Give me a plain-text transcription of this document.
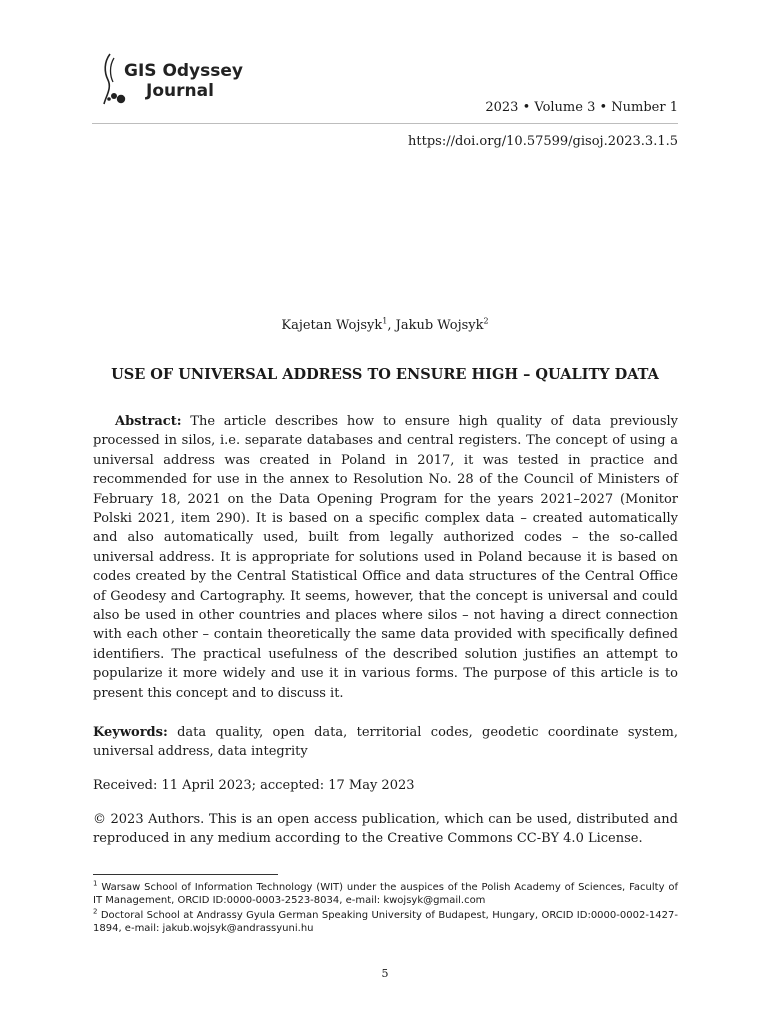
GIS Odyssey
Journal
2023 • Volume 3 • Number 1
https://doi.org/10.57599/gisoj.2023.3.1.5
Kajetan Wojsyk$^1$, Jakub Wojsyk$^2$
USE OF UNIVERSAL ADDRESS TO ENSURE HIGH – QUALITY DATA
Abstract: The article describes how to ensure high quality of data previously processed in silos, i.e. separate databases and central registers. The concept of using a universal address was created in Poland in 2017, it was tested in practice and recommended for use in the annex to Resolution No. 28 of the Council of Ministers of February 18, 2021 on the Data Opening Program for the years 2021–2027 (Monitor Polski 2021, item 290). It is based on a specific complex data – created automatically and also automatically used, built from legally authorized codes – the so-called universal address. It is appropriate for solutions used in Poland because it is based on codes created by the Central Statistical Office and data structures of the Central Office of Geodesy and Cartography. It seems, however, that the concept is universal and could also be used in other countries and places where silos – not having a direct connection with each other – contain theoretically the same data provided with specifically defined identifiers. The practical usefulness of the described solution justifies an attempt to popularize it more widely and use it in various forms. The purpose of this article is to present this concept and to discuss it.
Keywords: data quality, open data, territorial codes, geodetic coordinate system, universal address, data integrity
Received: 11 April 2023; accepted: 17 May 2023
© 2023 Authors. This is an open access publication, which can be used, distributed and reproduced in any medium according to the Creative Commons CC-BY 4.0 License.
$^1$ Warsaw School of Information Technology (WIT) under the auspices of the Polish Academy of Sciences, Faculty of IT Management, ORCID ID:0000-0003-2523-8034, e-mail: kwojsyk@gmail.com
$^2$ Doctoral School at Andrassy Gyula German Speaking University of Budapest, Hungary, ORCID ID:0000-0002-1427-1894, e-mail: jakub.wojsyk@andrassyuni.hu
5
